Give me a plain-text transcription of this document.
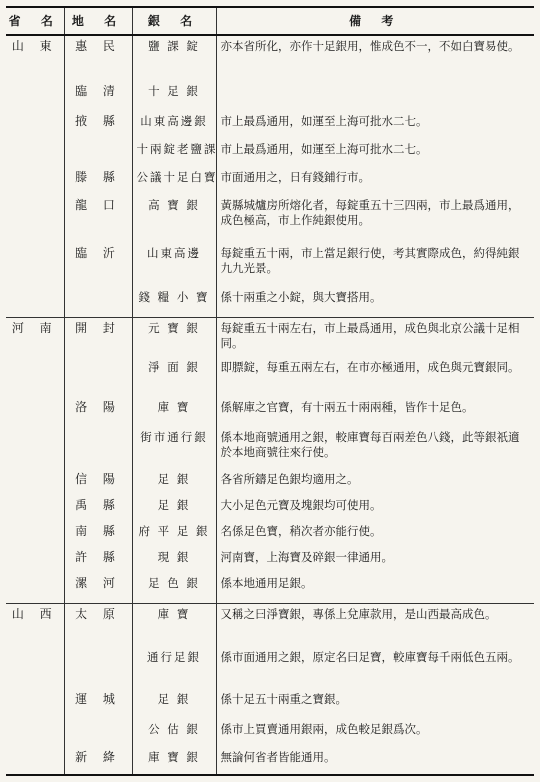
省 名	地 名	銀 名	備 考
山 東	惠 民	鹽 課 錠	亦本省所化，亦作十足銀用，惟成色不一，不如白寶易使。
	臨 清	十 足 銀	
	掖 縣	山東高邊銀	市上最爲通用，如運至上海可批水二七。
		十兩錠老鹽課	市上最爲通用，如運至上海可批水二七。
	滕 縣	公議十足白寶	市面通用之，日有錢鋪行市。
	龍 口	高 寶 銀	黃縣城爐房所熔化者，每錠重五十三四兩，市上最爲通用，成色極高，市上作純銀使用。
	臨 沂	山東高邊	每錠重五十兩，市上當足銀行使，考其實際成色，約得純銀九九光景。
		錢 糧 小 寶	係十兩重之小錠，與大寶搭用。
河 南	開 封	元 寶 銀	每錠重五十兩左右，市上最爲通用，成色與北京公議十足相同。
		淨 面 銀	即膘錠，每重五兩左右，在市亦極通用，成色與元寶銀同。
	洛 陽	庫 寶	係解庫之官寶，有十兩五十兩兩種，皆作十足色。
		街市通行銀	係本地商號通用之銀，較庫寶每百兩差色八錢，此等銀祇適於本地商號往來行使。
	信 陽	足 銀	各省所鑄足色銀均適用之。
	禹 縣	足 銀	大小足色元寶及塊銀均可使用。
	南 縣	府 平 足 銀	名係足色寶，稍次者亦能行使。
	許 縣	現 銀	河南寶，上海寶及碎銀一律通用。
	漯 河	足 色 銀	係本地通用足銀。
山 西	太 原	庫 寶	又稱之曰淨寶銀，專係上兌庫款用，是山西最高成色。
		通行足銀	係市面通用之銀，原定名曰足寶，較庫寶每千兩低色五兩。
	運 城	足 銀	係十足五十兩重之寶銀。
		公 估 銀	係市上買賣通用銀兩，成色較足銀爲次。
	新 絳	庫 寶 銀	無論何省者皆能通用。
